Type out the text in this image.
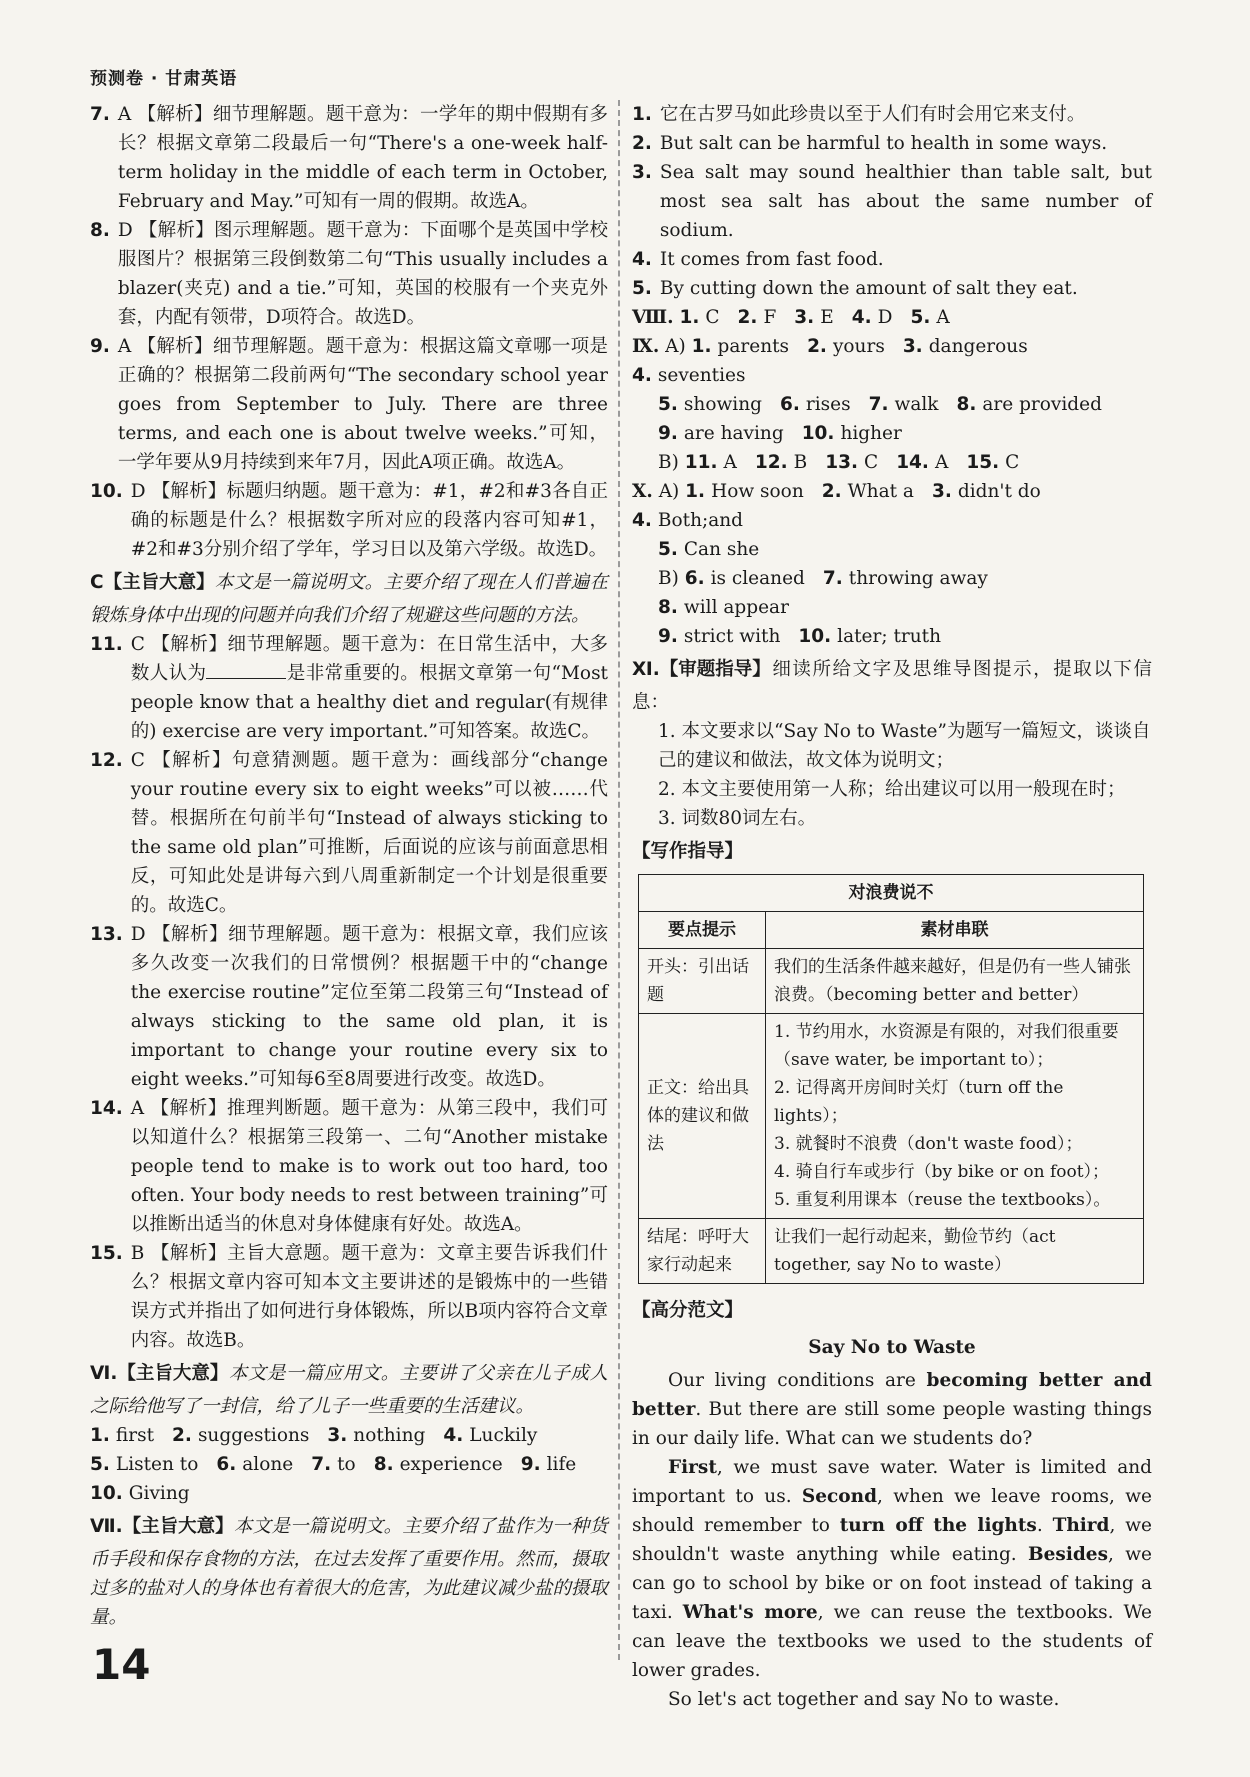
预测卷 · 甘肃英语
7. A 【解析】细节理解题。题干意为：一学年的期中假期有多长？根据文章第二段最后一句“There's a one-week half-term holiday in the middle of each term in October, February and May.”可知有一周的假期。故选A。
8. D 【解析】图示理解题。题干意为：下面哪个是英国中学校服图片？根据第三段倒数第二句“This usually includes a blazer(夹克) and a tie.”可知，英国的校服有一个夹克外套，内配有领带，D项符合。故选D。
9. A 【解析】细节理解题。题干意为：根据这篇文章哪一项是正确的？根据第二段前两句“The secondary school year goes from September to July. There are three terms, and each one is about twelve weeks.”可知，一学年要从9月持续到来年7月，因此A项正确。故选A。
10. D 【解析】标题归纳题。题干意为：#1，#2和#3各自正确的标题是什么？根据数字所对应的段落内容可知#1，#2和#3分别介绍了学年，学习日以及第六学级。故选D。
C【主旨大意】本文是一篇说明文。主要介绍了现在人们普遍在锻炼身体中出现的问题并向我们介绍了规避这些问题的方法。
11. C 【解析】细节理解题。题干意为：在日常生活中，大多数人认为	是非常重要的。根据文章第一句“Most people know that a healthy diet and regular(有规律的) exercise are very important.”可知答案。故选C。
12. C 【解析】句意猜测题。题干意为：画线部分“change your routine every six to eight weeks”可以被……代替。根据所在句前半句“Instead of always sticking to the same old plan”可推断，后面说的应该与前面意思相反，可知此处是讲每六到八周重新制定一个计划是很重要的。故选C。
13. D 【解析】细节理解题。题干意为：根据文章，我们应该多久改变一次我们的日常惯例？根据题干中的“change the exercise routine”定位至第二段第三句“Instead of always sticking to the same old plan, it is important to change your routine every six to eight weeks.”可知每6至8周要进行改变。故选D。
14. A 【解析】推理判断题。题干意为：从第三段中，我们可以知道什么？根据第三段第一、二句“Another mistake people tend to make is to work out too hard, too often. Your body needs to rest between training”可以推断出适当的休息对身体健康有好处。故选A。
15. B 【解析】主旨大意题。题干意为：文章主要告诉我们什么？根据文章内容可知本文主要讲述的是锻炼中的一些错误方式并指出了如何进行身体锻炼，所以B项内容符合文章内容。故选B。
Ⅵ.【主旨大意】本文是一篇应用文。主要讲了父亲在儿子成人之际给他写了一封信，给了儿子一些重要的生活建议。
1. first 2. suggestions 3. nothing 4. Luckily
5. Listen to 6. alone 7. to 8. experience 9. life
10. Giving
Ⅶ.【主旨大意】本文是一篇说明文。主要介绍了盐作为一种货币手段和保存食物的方法，在过去发挥了重要作用。然而，摄取过多的盐对人的身体也有着很大的危害，为此建议减少盐的摄取量。
1. 它在古罗马如此珍贵以至于人们有时会用它来支付。
2. But salt can be harmful to health in some ways.
3. Sea salt may sound healthier than table salt, but most sea salt has about the same number of sodium.
4. It comes from fast food.
5. By cutting down the amount of salt they eat.
Ⅷ. 1. C 2. F 3. E 4. D 5. A
Ⅸ. A) 1. parents 2. yours 3. dangerous4. seventies
5. showing 6. rises 7. walk 8. are provided
9. are having 10. higher
B) 11. A 12. B 13. C 14. A 15. C
Ⅹ. A) 1. How soon 2. What a 3. didn't do4. Both;and
5. Can she
B) 6. is cleaned 7. throwing away8. will appear
9. strict with 10. later; truth
Ⅺ.【审题指导】细读所给文字及思维导图提示，提取以下信息：
1. 本文要求以“Say No to Waste”为题写一篇短文，谈谈自己的建议和做法，故文体为说明文；
2. 本文主要使用第一人称；给出建议可以用一般现在时；
3. 词数80词左右。
【写作指导】
对浪费说不	
要点提示	素材串联
开头：引出话题	我们的生活条件越来越好，但是仍有一些人铺张浪费。（becoming better and better）

正文：给出具体的建议和做法	1. 节约用水，水资源是有限的，对我们很重要（save water, be important to）；
2. 记得离开房间时关灯（turn off the lights）；
3. 就餐时不浪费（don't waste food）；
4. 骑自行车或步行（by bike or on foot）；
5. 重复利用课本（reuse the textbooks）。

结尾：呼吁大家行动起来	让我们一起行动起来，勤俭节约（act together, say No to waste）
【高分范文】
Say No to Waste

Our living conditions are becoming better and better. But there are still some people wasting things in our daily life. What can we students do?

First, we must save water. Water is limited and important to us. Second, when we leave rooms, we should remember to turn off the lights. Third, we shouldn't waste anything while eating. Besides, we can go to school by bike or on foot instead of taking a taxi. What's more, we can reuse the textbooks. We can leave the textbooks we used to the students of lower grades.

So let's act together and say No to waste.

14
